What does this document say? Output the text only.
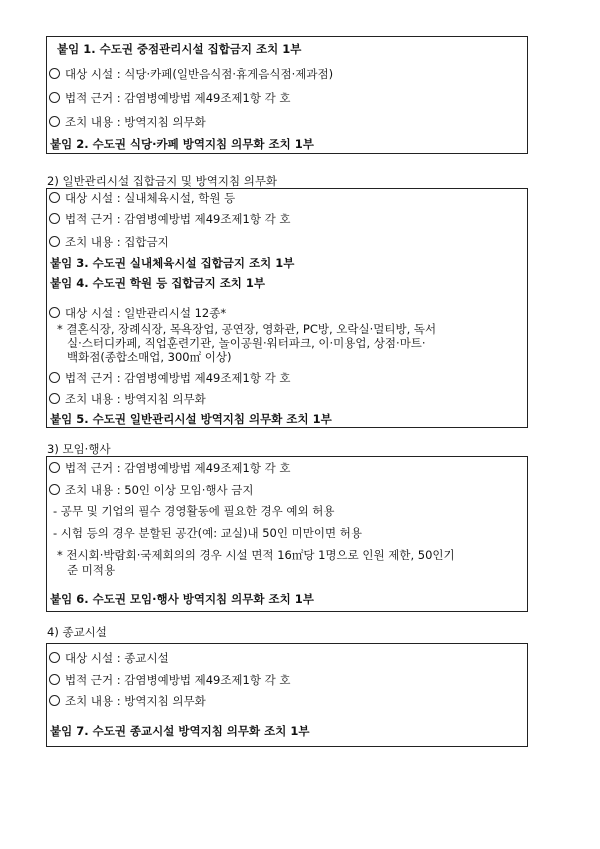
붙임 1. 수도권 중점관리시설 집합금지 조치 1부
대상 시설 : 식당·카페(일반음식점·휴게음식점·제과점)
법적 근거 : 감염병예방법 제49조제1항 각 호
조치 내용 : 방역지침 의무화
붙임 2. 수도권 식당·카페 방역지침 의무화 조치 1부
2) 일반관리시설 집합금지 및 방역지침 의무화
대상 시설 : 실내체육시설, 학원 등
법적 근거 : 감염병예방법 제49조제1항 각 호
조치 내용 : 집합금지
붙임 3. 수도권 실내체육시설 집합금지 조치 1부
붙임 4. 수도권 학원 등 집합금지 조치 1부
대상 시설 : 일반관리시설 12종*
* 결혼식장, 장례식장, 목욕장업, 공연장, 영화관, PC방, 오락실·멀티방, 독서
실·스터디카페, 직업훈련기관, 놀이공원·워터파크, 이·미용업, 상점·마트·
백화점(종합소매업, 300㎡ 이상)
법적 근거 : 감염병예방법 제49조제1항 각 호
조치 내용 : 방역지침 의무화
붙임 5. 수도권 일반관리시설 방역지침 의무화 조치 1부
3) 모임·행사
법적 근거 : 감염병예방법 제49조제1항 각 호
조치 내용 : 50인 이상 모임·행사 금지
- 공무 및 기업의 필수 경영활동에 필요한 경우 예외 허용
- 시험 등의 경우 분할된 공간(예: 교실)내 50인 미만이면 허용
* 전시회·박람회·국제회의의 경우 시설 면적 16㎡당 1명으로 인원 제한, 50인기
준 미적용
붙임 6. 수도권 모임·행사 방역지침 의무화 조치 1부
4) 종교시설
대상 시설 : 종교시설
법적 근거 : 감염병예방법 제49조제1항 각 호
조치 내용 : 방역지침 의무화
붙임 7. 수도권 종교시설 방역지침 의무화 조치 1부
